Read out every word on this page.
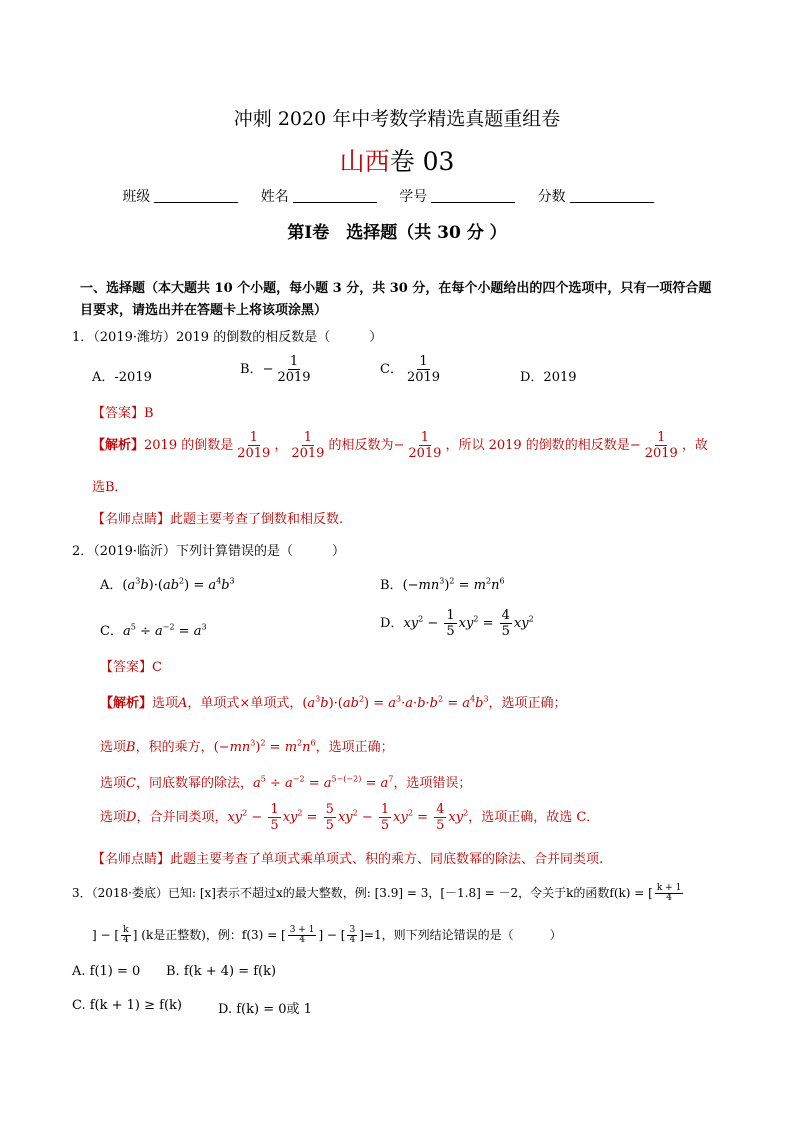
冲刺 2020 年中考数学精选真题重组卷
山西卷 03
班级	姓名	学号	分数
第Ⅰ卷　选择题（共 30 分 ）
一、选择题（本大题共 10 个小题，每小题 3 分，共 30 分，在每个小题给出的四个选项中，只有一项符合题目要求，请选出并在答题卡上将该项涂黑）
1．（2019·潍坊）2019 的倒数的相反数是（　　　）
A．-2019
B．− $\frac{1}{2019}$	C． $\frac{1}{2019}$	D．2019
【答案】B
【解析】2019 的倒数是 $\frac{1}{2019}$ ， $\frac{1}{2019}$ 的相反数为− $\frac{1}{2019}$ ，所以 2019 的倒数的相反数是− $\frac{1}{2019}$ ，故
选B．
【名师点睛】此题主要考查了倒数和相反数.
2．（2019·临沂）下列计算错误的是（　　　）
A．$(a^3b)\cdot(ab^2) = a^4b^3$	B．$(-mn^3)^2 = m^2n^6$
C．$a^5 \div a^{-2} = a^3$	D．$xy^2 - \frac{1}{5} xy^2 = \frac{4}{5} xy^2$
【答案】C
【解析】选项A，单项式×单项式，$(a^3b)\cdot(ab^2) = a^3\cdot a\cdot b\cdot b^2 = a^4b^3$，选项正确；
选项B，积的乘方，$(-mn^3)^2 = m^2n^6$，选项正确；
选项C，同底数幂的除法，$a^5 \div a^{-2} = a^{5-(-2)} = a^7$，选项错误；
选项D，合并同类项，$xy^2 - \frac{1}{5} xy^2 = \frac{5}{5} xy^2 - \frac{1}{5} xy^2 = \frac{4}{5} xy^2$，选项正确，故选 C．
【名师点睛】此题主要考查了单项式乘单项式、积的乘方、同底数幂的除法、合并同类项.
3．（2018·娄底）已知: [x]表示不超过x的最大整数，例: [3.9] = 3，[－1.8] = －2，令关于k的函数f(k) = [ $\frac{k + 1}{4}$
] − [ $\frac{k}{4}$ ] (k是正整数)，例：f(3) = [ $\frac{3 + 1}{4}$ ] − [ $\frac{3}{4} ]=1$，则下列结论错误的是（　　　）
A. f(1) = 0 B. f(k + 4) = f(k)
C. f(k + 1) ≥ f(k)	D. f(k) = 0或 1
